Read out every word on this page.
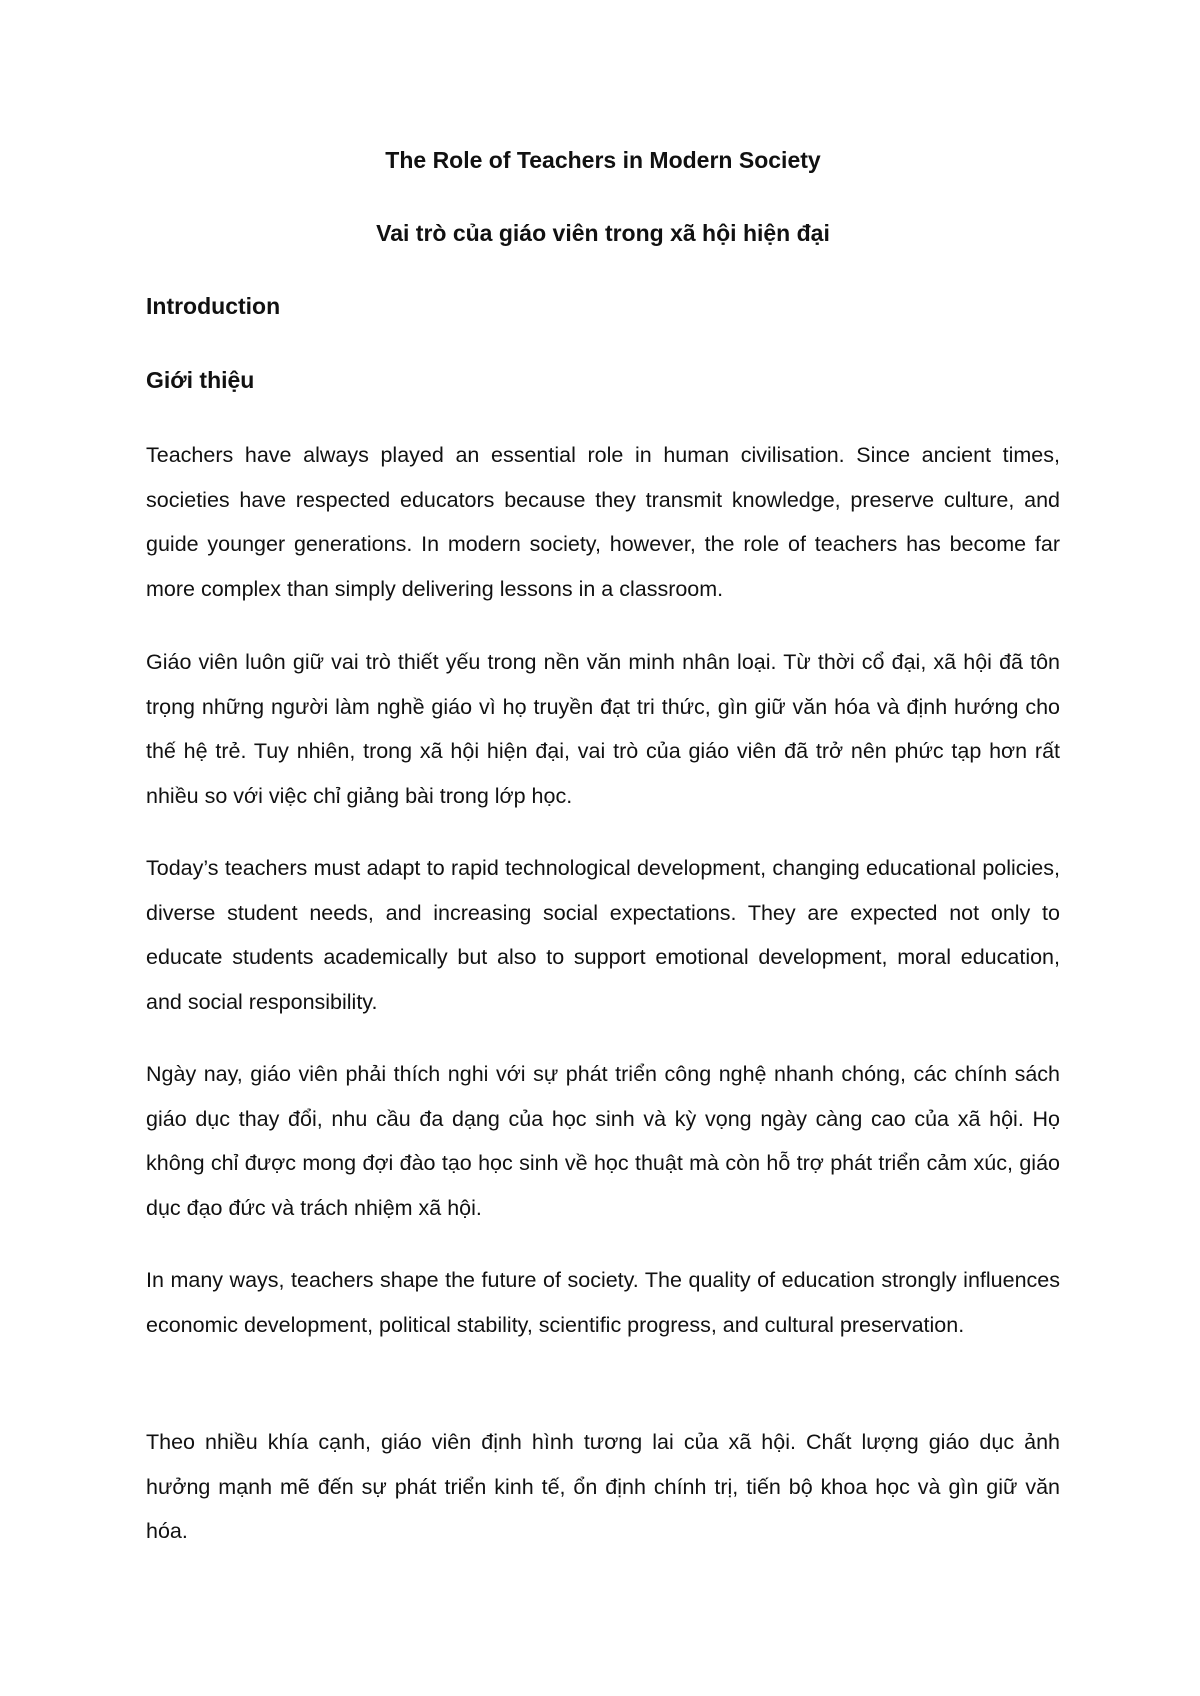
The Role of Teachers in Modern Society
Vai trò của giáo viên trong xã hội hiện đại
Introduction
Giới thiệu

Teachers have always played an essential role in human civilisation. Since ancient times, societies have respected educators because they transmit knowledge, preserve culture, and guide younger generations. In modern society, however, the role of teachers has become far more complex than simply delivering lessons in a classroom.

Giáo viên luôn giữ vai trò thiết yếu trong nền văn minh nhân loại. Từ thời cổ đại, xã hội đã tôn trọng những người làm nghề giáo vì họ truyền đạt tri thức, gìn giữ văn hóa và định hướng cho thế hệ trẻ. Tuy nhiên, trong xã hội hiện đại, vai trò của giáo viên đã trở nên phức tạp hơn rất nhiều so với việc chỉ giảng bài trong lớp học.

Today’s teachers must adapt to rapid technological development, changing educational policies, diverse student needs, and increasing social expectations. They are expected not only to educate students academically but also to support emotional development, moral education, and social responsibility.

Ngày nay, giáo viên phải thích nghi với sự phát triển công nghệ nhanh chóng, các chính sách giáo dục thay đổi, nhu cầu đa dạng của học sinh và kỳ vọng ngày càng cao của xã hội. Họ không chỉ được mong đợi đào tạo học sinh về học thuật mà còn hỗ trợ phát triển cảm xúc, giáo dục đạo đức và trách nhiệm xã hội.

In many ways, teachers shape the future of society. The quality of education strongly influences economic development, political stability, scientific progress, and cultural preservation.

Theo nhiều khía cạnh, giáo viên định hình tương lai của xã hội. Chất lượng giáo dục ảnh hưởng mạnh mẽ đến sự phát triển kinh tế, ổn định chính trị, tiến bộ khoa học và gìn giữ văn hóa.
